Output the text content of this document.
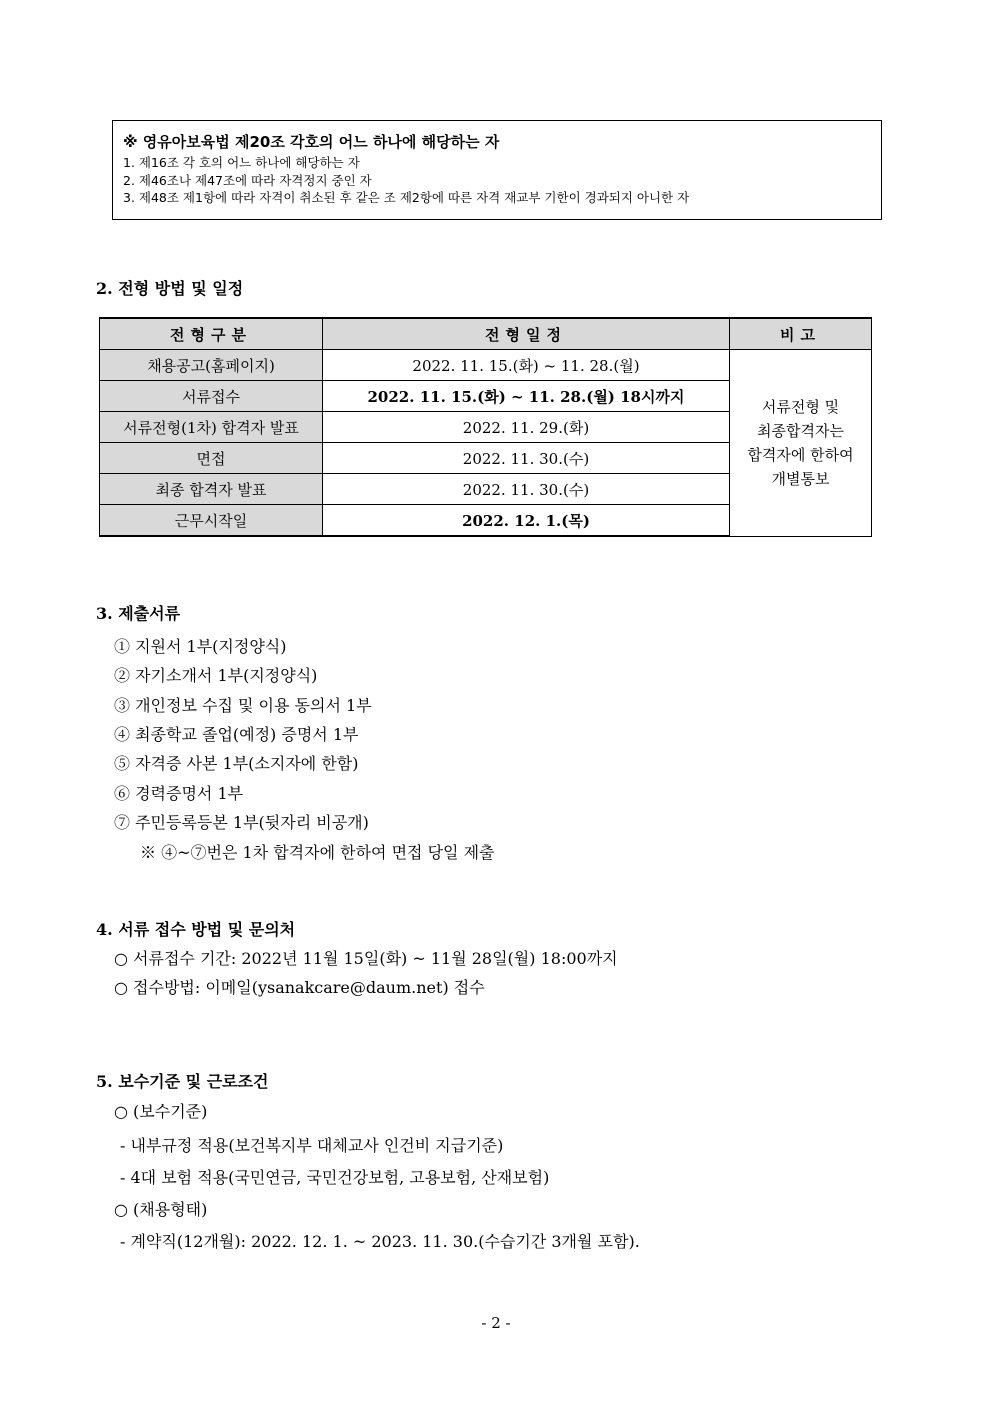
※ 영유아보육법 제20조 각호의 어느 하나에 해당하는 자
1. 제16조 각 호의 어느 하나에 해당하는 자
2. 제46조나 제47조에 따라 자격정지 중인 자
3. 제48조 제1항에 따라 자격이 취소된 후 같은 조 제2항에 따른 자격 재교부 기한이 경과되지 아니한 자
2. 전형 방법 및 일정
전형구분	전형일정	비고
채용공고(홈페이지)	2022. 11. 15.(화) ~ 11. 28.(월)	서류전형 및
최종합격자는
합격자에 한하여
개별통보

서류접수	2022. 11. 15.(화) ~ 11. 28.(월) 18시까지	
서류전형(1차) 합격자 발표	2022. 11. 29.(화)	
면접	2022. 11. 30.(수)	
최종 합격자 발표	2022. 11. 30.(수)	
근무시작일	2022. 12. 1.(목)	
3. 제출서류
① 지원서 1부(지정양식)
② 자기소개서 1부(지정양식)
③ 개인정보 수집 및 이용 동의서 1부
④ 최종학교 졸업(예정) 증명서 1부
⑤ 자격증 사본 1부(소지자에 한함)
⑥ 경력증명서 1부
⑦ 주민등록등본 1부(뒷자리 비공개)
※ ④~⑦번은 1차 합격자에 한하여 면접 당일 제출
4. 서류 접수 방법 및 문의처
○ 서류접수 기간: 2022년 11월 15일(화) ~ 11월 28일(월) 18:00까지
○ 접수방법: 이메일(ysanakcare@daum.net) 접수
5. 보수기준 및 근로조건
○ (보수기준)
- 내부규정 적용(보건복지부 대체교사 인건비 지급기준)
- 4대 보험 적용(국민연금, 국민건강보험, 고용보험, 산재보험)
○ (채용형태)
- 계약직(12개월): 2022. 12. 1. ~ 2023. 11. 30.(수습기간 3개월 포함).
- 2 -
